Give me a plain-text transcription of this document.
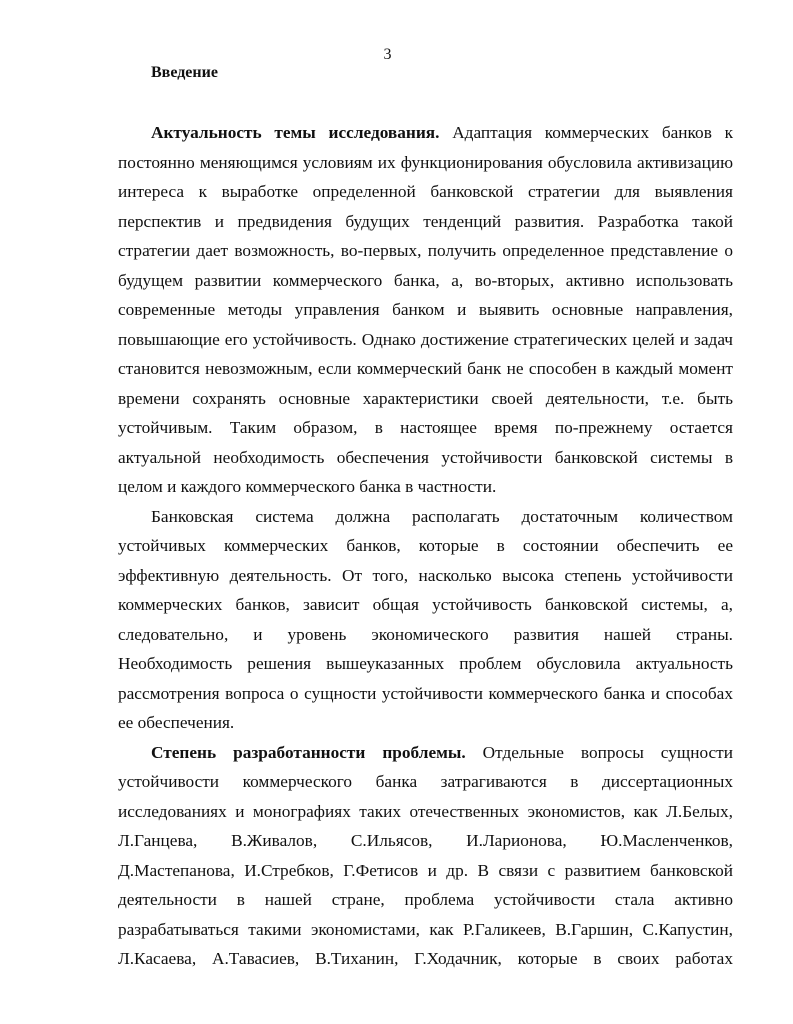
3
Введение
Актуальность темы исследования. Адаптация коммерческих банков к
постоянно меняющимся условиям их функционирования обусловила активизацию
интереса к выработке определенной банковской стратегии для выявления
перспектив и предвидения будущих тенденций развития. Разработка такой
стратегии дает возможность, во-первых, получить определенное представление о
будущем развитии коммерческого банка, а, во-вторых, активно использовать
современные методы управления банком и выявить основные направления,
повышающие его устойчивость. Однако достижение стратегических целей и задач
становится невозможным, если коммерческий банк не способен в каждый момент
времени сохранять основные характеристики своей деятельности, т.е. быть
устойчивым. Таким образом, в настоящее время по-прежнему остается
актуальной необходимость обеспечения устойчивости банковской системы в
целом и каждого коммерческого банка в частности.
Банковская система должна располагать достаточным количеством
устойчивых коммерческих банков, которые в состоянии обеспечить ее
эффективную деятельность. От того, насколько высока степень устойчивости
коммерческих банков, зависит общая устойчивость банковской системы, а,
следовательно, и уровень экономического развития нашей страны.
Необходимость решения вышеуказанных проблем обусловила актуальность
рассмотрения вопроса о сущности устойчивости коммерческого банка и способах
ее обеспечения.
Степень разработанности проблемы. Отдельные вопросы сущности
устойчивости коммерческого банка затрагиваются в диссертационных
исследованиях и монографиях таких отечественных экономистов, как Л.Белых,
Л.Ганцева, В.Живалов, С.Ильясов, И.Ларионова, Ю.Масленченков,
Д.Мастепанова, И.Стребков, Г.Фетисов и др. В связи с развитием банковской
деятельности в нашей стране, проблема устойчивости стала активно
разрабатываться такими экономистами, как Р.Галикеев, В.Гаршин, С.Капустин,
Л.Касаева, А.Тавасиев, В.Тиханин, Г.Ходачник, которые в своих работах
